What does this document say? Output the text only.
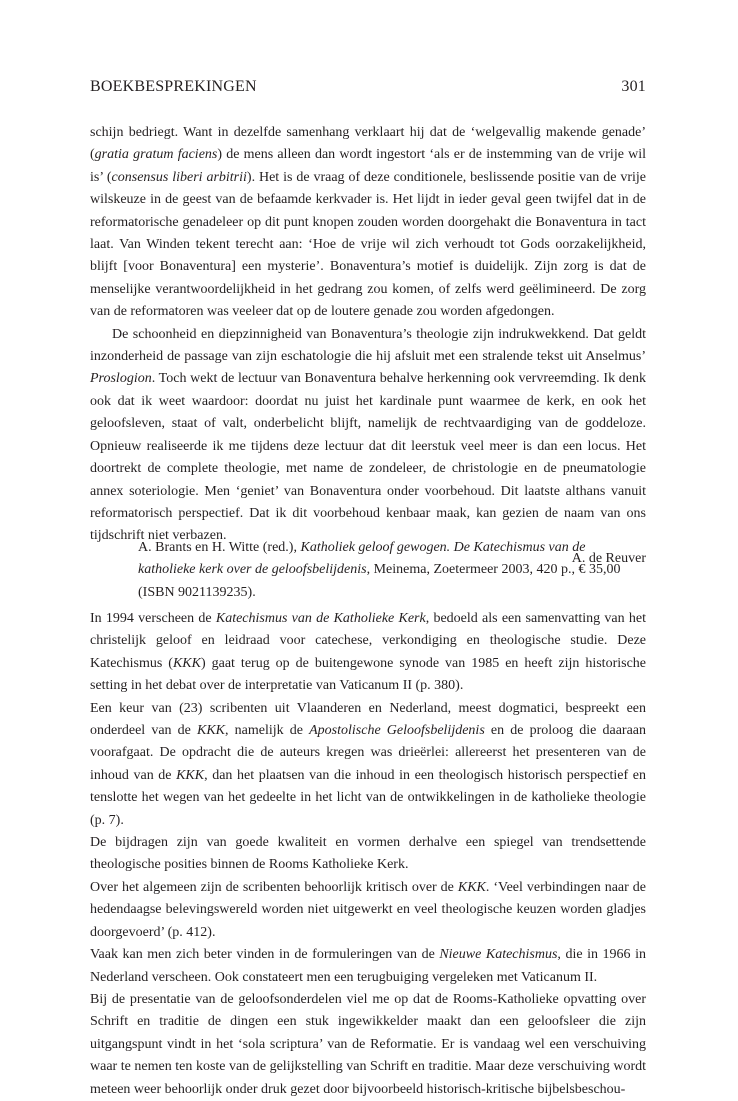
BOEKBESPREKINGEN	301

schijn bedriegt. Want in dezelfde samenhang verklaart hij dat de ‘welgevallig makende genade’ (gratia gratum faciens) de mens alleen dan wordt ingestort ‘als er de instemming van de vrije wil is’ (consensus liberi arbitrii). Het is de vraag of deze conditionele, beslissende positie van de vrije wilskeuze in de geest van de befaamde kerkvader is. Het lijdt in ieder geval geen twijfel dat in de reformatorische genadeleer op dit punt knopen zouden worden doorgehakt die Bonaventura in tact laat. Van Winden tekent terecht aan: ‘Hoe de vrije wil zich verhoudt tot Gods oorzakelijkheid, blijft [voor Bonaventura] een mysterie’. Bonaventura’s motief is duidelijk. Zijn zorg is dat de menselijke verantwoordelijkheid in het gedrang zou komen, of zelfs werd geëlimineerd. De zorg van de reformatoren was veeleer dat op de loutere genade zou worden afgedongen.

De schoonheid en diepzinnigheid van Bonaventura’s theologie zijn indrukwekkend. Dat geldt inzonderheid de passage van zijn eschatologie die hij afsluit met een stralende tekst uit Anselmus’ Proslogion. Toch wekt de lectuur van Bonaventura behalve herkenning ook vervreemding. Ik denk ook dat ik weet waardoor: doordat nu juist het kardinale punt waarmee de kerk, en ook het geloofsleven, staat of valt, onderbelicht blijft, namelijk de rechtvaardiging van de goddeloze. Opnieuw realiseerde ik me tijdens deze lectuur dat dit leerstuk veel meer is dan een locus. Het doortrekt de complete theologie, met name de zondeleer, de christologie en de pneumatologie annex soteriologie. Men ‘geniet’ van Bonaventura onder voorbehoud. Dit laatste althans vanuit reformatorisch perspectief. Dat ik dit voorbehoud kenbaar maak, kan gezien de naam van ons tijdschrift niet verbazen.

A. de Reuver

A. Brants en H. Witte (red.), Katholiek geloof gewogen. De Katechismus van de katholieke kerk over de geloofsbelijdenis, Meinema, Zoetermeer 2003, 420 p., € 35,00 (ISBN 9021139235).

In 1994 verscheen de Katechismus van de Katholieke Kerk, bedoeld als een samenvatting van het christelijk geloof en leidraad voor catechese, verkondiging en theologische studie. Deze Katechismus (KKK) gaat terug op de buitengewone synode van 1985 en heeft zijn historische setting in het debat over de interpretatie van Vaticanum II (p. 380).

Een keur van (23) scribenten uit Vlaanderen en Nederland, meest dogmatici, bespreekt een onderdeel van de KKK, namelijk de Apostolische Geloofsbelijdenis en de proloog die daaraan voorafgaat. De opdracht die de auteurs kregen was drieërlei: allereerst het presenteren van de inhoud van de KKK, dan het plaatsen van die inhoud in een theologisch historisch perspectief en tenslotte het wegen van het gedeelte in het licht van de ontwikkelingen in de katholieke theologie (p. 7).

De bijdragen zijn van goede kwaliteit en vormen derhalve een spiegel van trendsettende theologische posities binnen de Rooms Katholieke Kerk.

Over het algemeen zijn de scribenten behoorlijk kritisch over de KKK. ‘Veel verbindingen naar de hedendaagse belevingswereld worden niet uitgewerkt en veel theologische keuzen worden gladjes doorgevoerd’ (p. 412).

Vaak kan men zich beter vinden in de formuleringen van de Nieuwe Katechismus, die in 1966 in Nederland verscheen. Ook constateert men een terugbuiging vergeleken met Vaticanum II.

Bij de presentatie van de geloofsonderdelen viel me op dat de Rooms-Katholieke opvatting over Schrift en traditie de dingen een stuk ingewikkelder maakt dan een geloofsleer die zijn uitgangspunt vindt in het ‘sola scriptura’ van de Reformatie. Er is vandaag wel een verschuiving waar te nemen ten koste van de gelijkstelling van Schrift en traditie. Maar deze verschuiving wordt meteen weer behoorlijk onder druk gezet door bijvoorbeeld historisch-kritische bijbelsbeschou-
